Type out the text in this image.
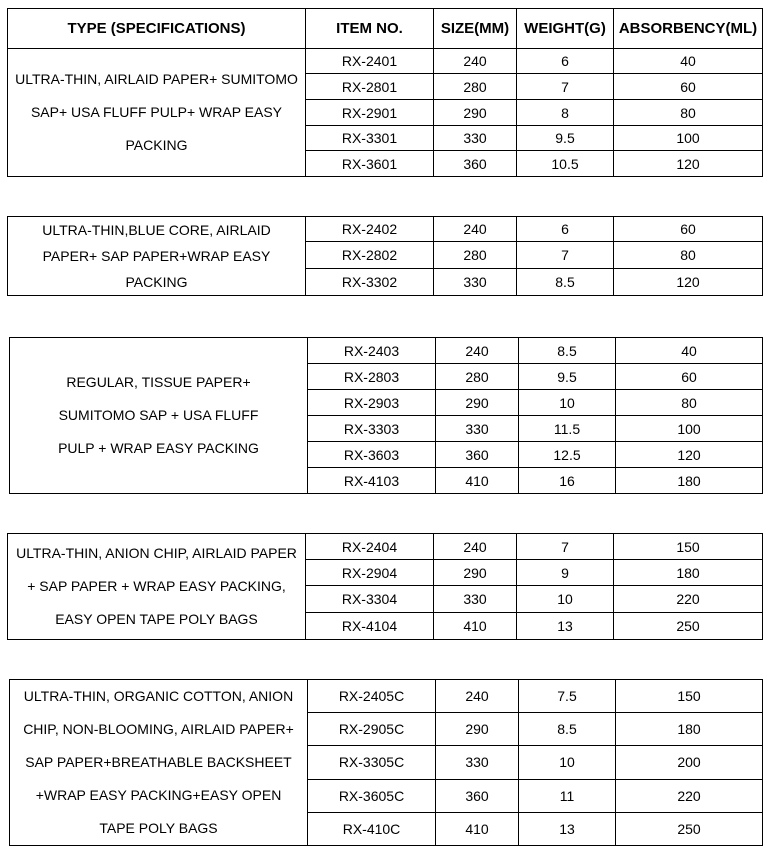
TYPE (SPECIFICATIONS)	ITEM NO.	SIZE(MM)	WEIGHT(G)	ABSORBENCY(ML)
ULTRA-THIN, AIRLAID PAPER+ SUMITOMO
SAP+ USA FLUFF PULP+ WRAP EASY
PACKING	RX-2401	240	6	40
	RX-2801	280	7	60
	RX-2901	290	8	80
	RX-3301	330	9.5	100
	RX-3601	360	10.5	120
ULTRA-THIN,BLUE CORE, AIRLAID
PAPER+ SAP PAPER+WRAP EASY
PACKING	RX-2402	240	6	60
	RX-2802	280	7	80
	RX-3302	330	8.5	120
REGULAR, TISSUE PAPER+
SUMITOMO SAP + USA FLUFF
PULP + WRAP EASY PACKING	RX-2403	240	8.5	40
	RX-2803	280	9.5	60
	RX-2903	290	10	80
	RX-3303	330	11.5	100
	RX-3603	360	12.5	120
	RX-4103	410	16	180
ULTRA-THIN, ANION CHIP, AIRLAID PAPER
+ SAP PAPER + WRAP EASY PACKING,
EASY OPEN TAPE POLY BAGS	RX-2404	240	7	150
	RX-2904	290	9	180
	RX-3304	330	10	220
	RX-4104	410	13	250
ULTRA-THIN, ORGANIC COTTON, ANION
CHIP, NON-BLOOMING, AIRLAID PAPER+
SAP PAPER+BREATHABLE BACKSHEET
+WRAP EASY PACKING+EASY OPEN
TAPE POLY BAGS	RX-2405C	240	7.5	150
	RX-2905C	290	8.5	180
	RX-3305C	330	10	200
	RX-3605C	360	11	220
	RX-410C	410	13	250
